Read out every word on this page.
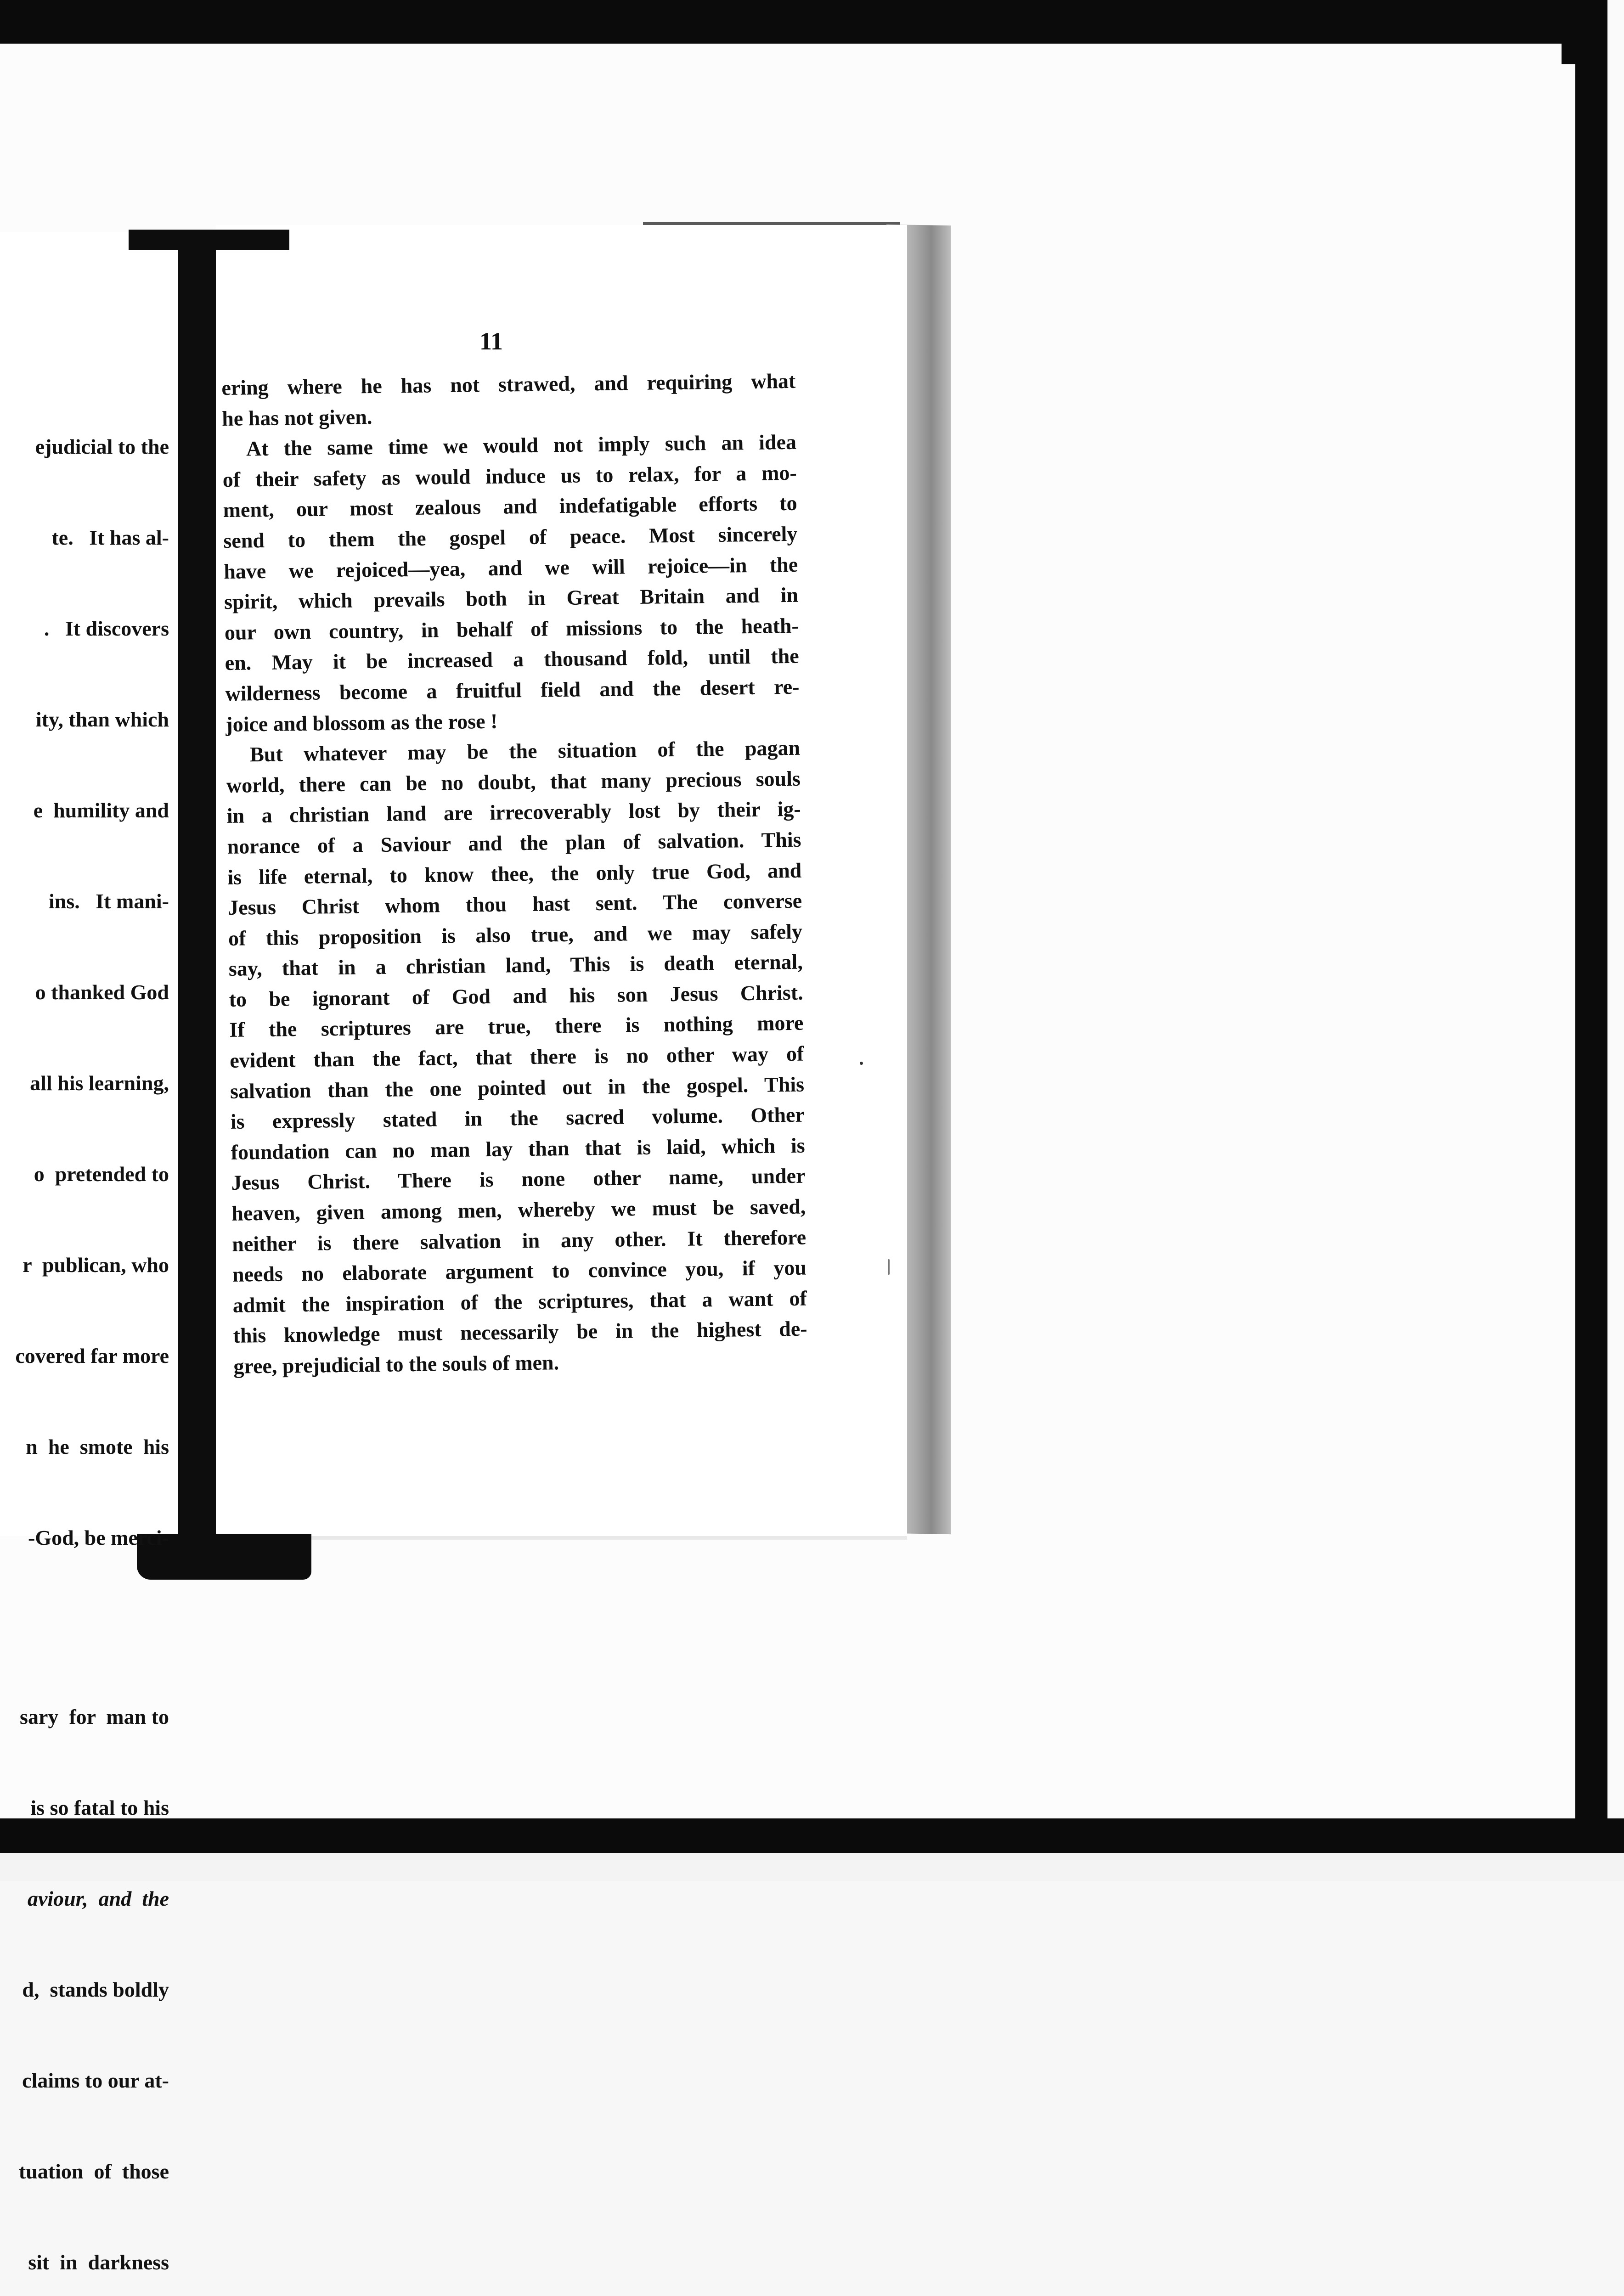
ejudicial to the

te.   It has al-

.   It discovers

ity, than which

e  humility and

ins.   It mani-

o thanked God

all his learning,

o  pretended to

r  publican, who

covered far more

n  he  smote  his

-God, be merci-

sary  for  man to

is so fatal to his

aviour,  and  the

d,  stands boldly

claims to our at-

tuation  of  those

sit  in  darkness

11
ering where he has not strawed, and requiring what
he has not given.
At the same time we would not imply such an idea
of their safety as would induce us to relax, for a mo-
ment, our most zealous and indefatigable efforts to
send to them the gospel of peace. Most sincerely
have we rejoiced—yea, and we will rejoice—in the
spirit, which prevails both in Great Britain and in
our own country, in behalf of missions to the heath-
en. May it be increased a thousand fold, until the
wilderness become a fruitful field and the desert re-
joice and blossom as the rose !
But whatever may be the situation of the pagan
world, there can be no doubt, that many precious souls
in a christian land are irrecoverably lost by their ig-
norance of a Saviour and the plan of salvation. This
is life eternal, to know thee, the only true God, and
Jesus Christ whom thou hast sent. The converse
of this proposition is also true, and we may safely
say, that in a christian land, This is death eternal,
to be ignorant of God and his son Jesus Christ.
If the scriptures are true, there is nothing more
evident than the fact, that there is no other way of
salvation than the one pointed out in the gospel. This
is expressly stated in the sacred volume. Other
foundation can no man lay than that is laid, which is
Jesus Christ. There is none other name, under
heaven, given among men, whereby we must be saved,
neither is there salvation in any other. It therefore
needs no elaborate argument to convince you, if you
admit the inspiration of the scriptures, that a want of
this knowledge must necessarily be in the highest de-
gree, prejudicial to the souls of men.
